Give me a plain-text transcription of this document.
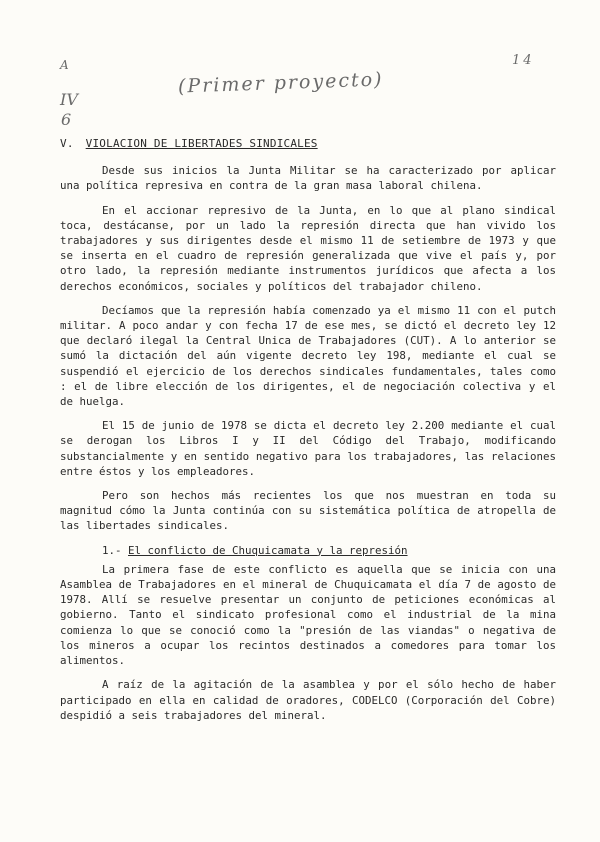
A
IV
6
(Primer proyecto)
14
V. VIOLACION DE LIBERTADES SINDICALES

Desde sus inicios la Junta Militar se ha caracterizado por aplicar una política represiva en contra de la gran masa laboral chilena.

En el accionar represivo de la Junta, en lo que al plano sindical toca, destácanse, por un lado la represión directa que han vivido los trabajadores y sus dirigentes desde el mismo 11 de setiembre de 1973 y que se inserta en el cuadro de represión generalizada que vive el país y, por otro lado, la represión mediante instrumentos jurídicos que afecta a los derechos económicos, sociales y políticos del trabajador chileno.

Decíamos que la represión había comenzado ya el mismo 11 con el putch militar. A poco andar y con fecha 17 de ese mes, se dictó el decreto ley 12 que declaró ilegal la Central Unica de Trabajadores (CUT). A lo anterior se sumó la dictación del aún vigente decreto ley 198, mediante el cual se suspendió el ejercicio de los derechos sindicales fundamentales, tales como : el de libre elección de los dirigentes, el de negociación colectiva y el de huelga.

El 15 de junio de 1978 se dicta el decreto ley 2.200 mediante el cual se derogan los Libros I y II del Código del Trabajo, modificando substancialmente y en sentido negativo para los trabajadores, las relaciones entre éstos y los empleadores.

Pero son hechos más recientes los que nos muestran en toda su magnitud cómo la Junta continúa con su sistemática política de atropella de las libertades sindicales.

1.- El conflicto de Chuquicamata y la represión

La primera fase de este conflicto es aquella que se inicia con una Asamblea de Trabajadores en el mineral de Chuquicamata el día 7 de agosto de 1978. Allí se resuelve presentar un conjunto de peticiones económicas al gobierno. Tanto el sindicato profesional como el industrial de la mina comienza lo que se conoció como la "presión de las viandas" o negativa de los mineros a ocupar los recintos destinados a comedores para tomar los alimentos.

A raíz de la agitación de la asamblea y por el sólo hecho de haber participado en ella en calidad de oradores, CODELCO (Corporación del Cobre) despidió a seis trabajadores del mineral.
